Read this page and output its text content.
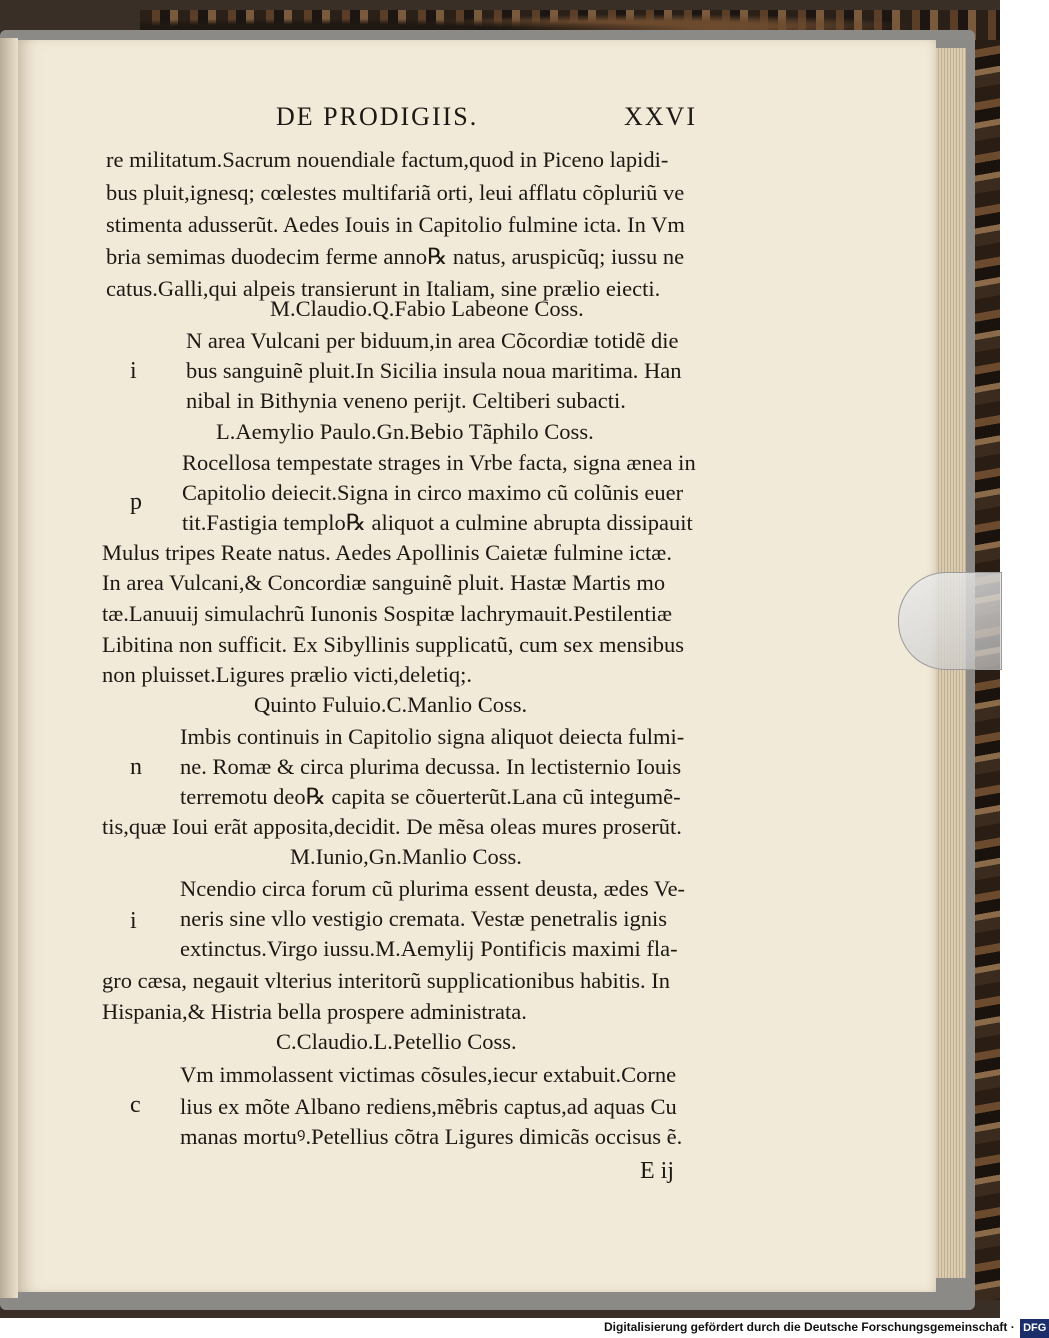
DE PRODIGIIS.	XXVI

re militatum.Sacrum nouendiale factum,quod in Piceno lapidi-

bus pluit,ignesq; cœlestes multifariã orti, leui afflatu cõpluriũ ve

stimenta adusserũt. Aedes Iouis in Capitolio fulmine icta. In Vm

bria semimas duodecim ferme anno℞ natus, aruspicũq; iussu ne

catus.Galli,qui alpeis transierunt in Italiam, sine prælio eiecti.

M.Claudio.Q.Fabio Labeone Coss.

i

N area Vulcani per biduum,in area Cõcordiæ totidẽ die

bus sanguinẽ pluit.In Sicilia insula noua maritima. Han

nibal in Bithynia veneno perijt. Celtiberi subacti.

L.Aemylio Paulo.Gn.Bebio Tãphilo Coss.

p

Rocellosa tempestate strages in Vrbe facta, signa ænea in

Capitolio deiecit.Signa in circo maximo cũ colũnis euer

tit.Fastigia templo℞ aliquot a culmine abrupta dissipauit

Mulus tripes Reate natus. Aedes Apollinis Caietæ fulmine ictæ.

In area Vulcani,& Concordiæ sanguinẽ pluit. Hastæ Martis mo

tæ.Lanuuij simulachrũ Iunonis Sospitæ lachrymauit.Pestilentiæ

Libitina non sufficit. Ex Sibyllinis supplicatũ, cum sex mensibus

non pluisset.Ligures prælio victi,deletiq;.

Quinto Fuluio.C.Manlio Coss.

n

Imbis continuis in Capitolio signa aliquot deiecta fulmi-

ne. Romæ & circa plurima decussa. In lectisternio Iouis

terremotu deo℞ capita se cõuerterũt.Lana cũ integumẽ-

tis,quæ Ioui erãt apposita,decidit. De mẽsa oleas mures proserũt.

M.Iunio,Gn.Manlio Coss.

i

Ncendio circa forum cũ plurima essent deusta, ædes Ve-

neris sine vllo vestigio cremata. Vestæ penetralis ignis

extinctus.Virgo iussu.M.Aemylij Pontificis maximi fla-

gro cæsa, negauit vlterius interitorũ supplicationibus habitis. In

Hispania,& Histria bella prospere administrata.

C.Claudio.L.Petellio Coss.

c

Vm immolassent victimas cõsules,iecur extabuit.Corne

lius ex mõte Albano rediens,mẽbris captus,ad aquas Cu

manas mortuꝰ.Petellius cõtra Ligures dimicãs occisus ẽ.

E ij

Digitalisierung gefördert durch die Deutsche Forschungsgemeinschaft · DFG
